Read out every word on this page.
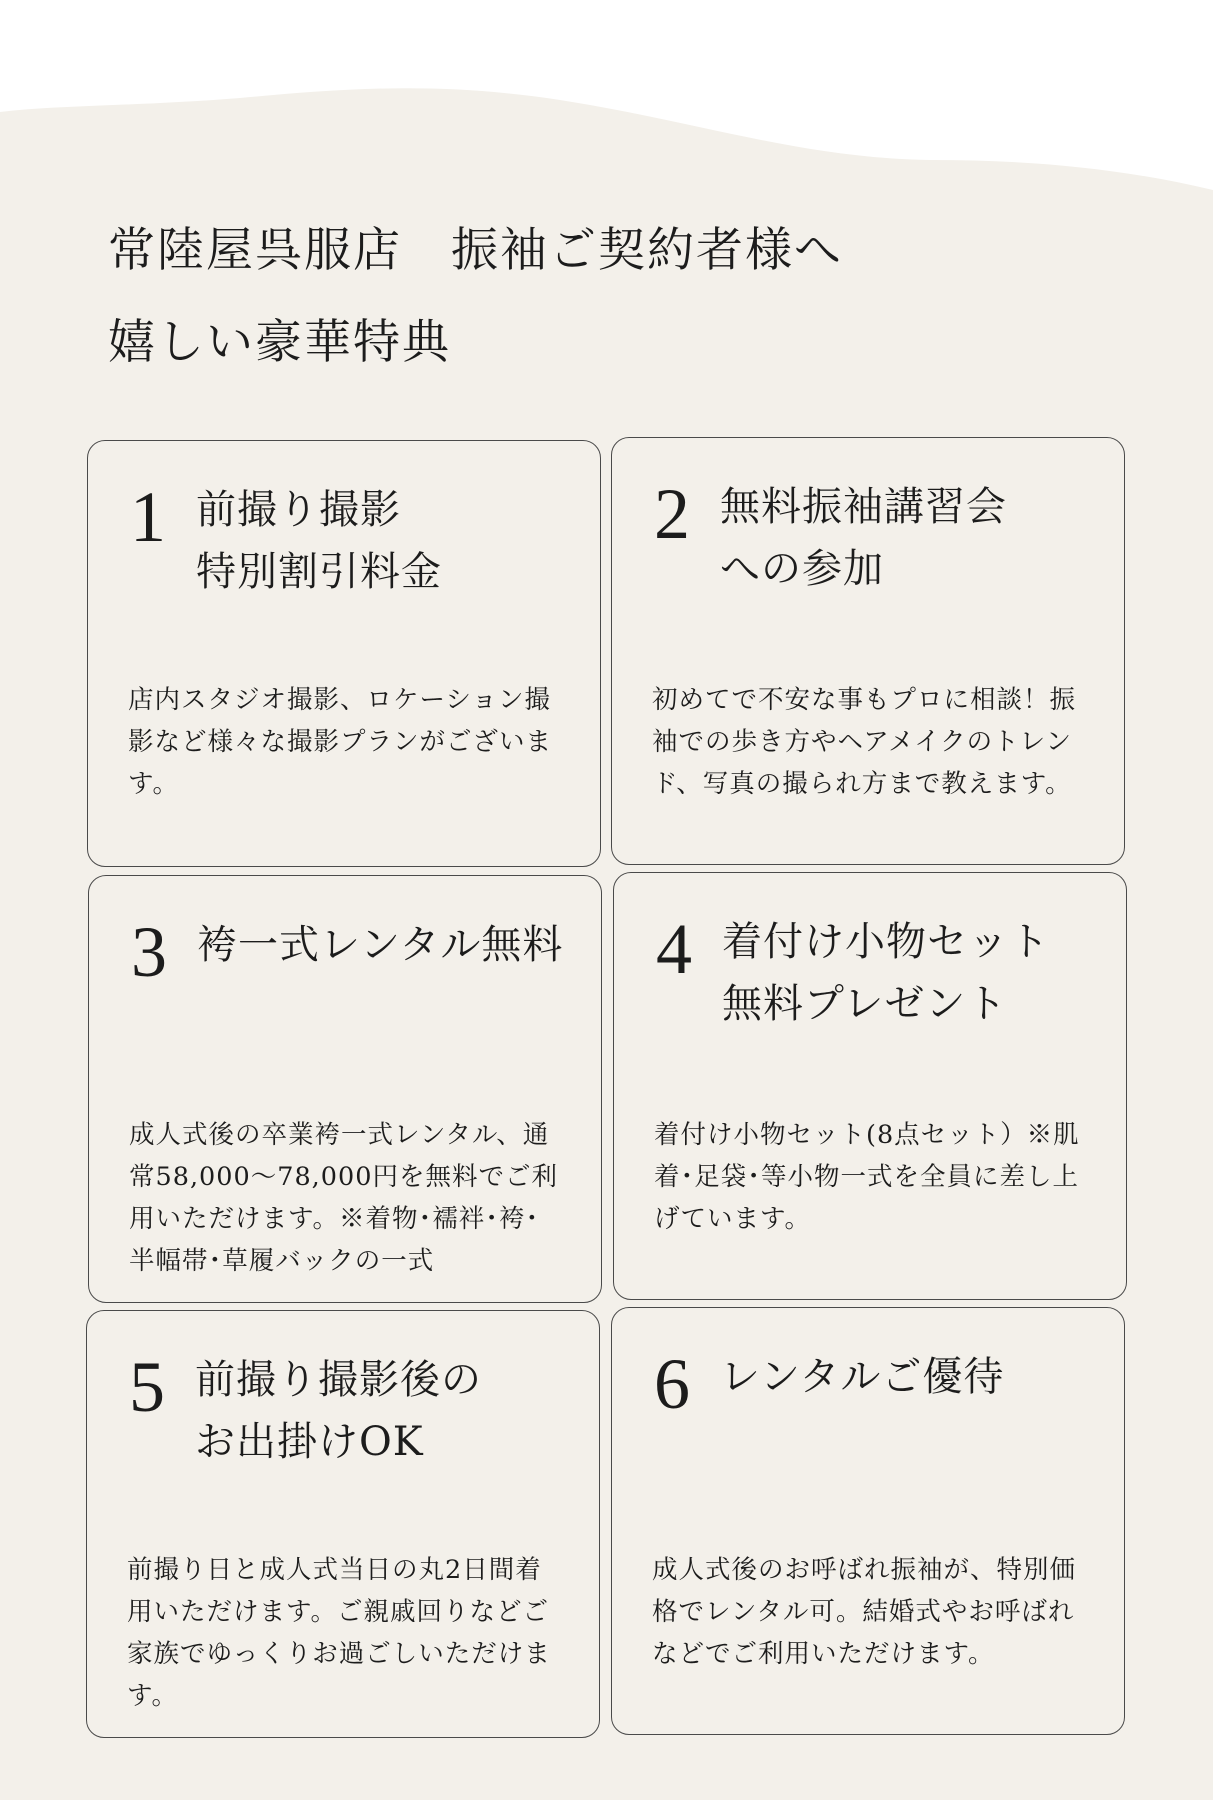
常陸屋呉服店　振袖ご契約者様へ
嬉しい豪華特典
1 前撮り撮影
特別割引料金
店内スタジオ撮影、ロケーション撮影など様々な撮影プランがございます。
2 無料振袖講習会
への参加
初めてで不安な事もプロに相談！振袖での歩き方やヘアメイクのトレンド、写真の撮られ方まで教えます。
3 袴一式レンタル無料
成人式後の卒業袴一式レンタル、通常58,000～78,000円を無料でご利用いただけます。※着物･襦袢･袴･半幅帯･草履バックの一式
4 着付け小物セット
無料プレゼント
着付け小物セット(8点セット）※肌着･足袋･等小物一式を全員に差し上げています。
5 前撮り撮影後の
お出掛けOK
前撮り日と成人式当日の丸2日間着用いただけます。ご親戚回りなどご家族でゆっくりお過ごしいただけます。
6 レンタルご優待
成人式後のお呼ばれ振袖が、特別価格でレンタル可。結婚式やお呼ばれなどでご利用いただけます。
